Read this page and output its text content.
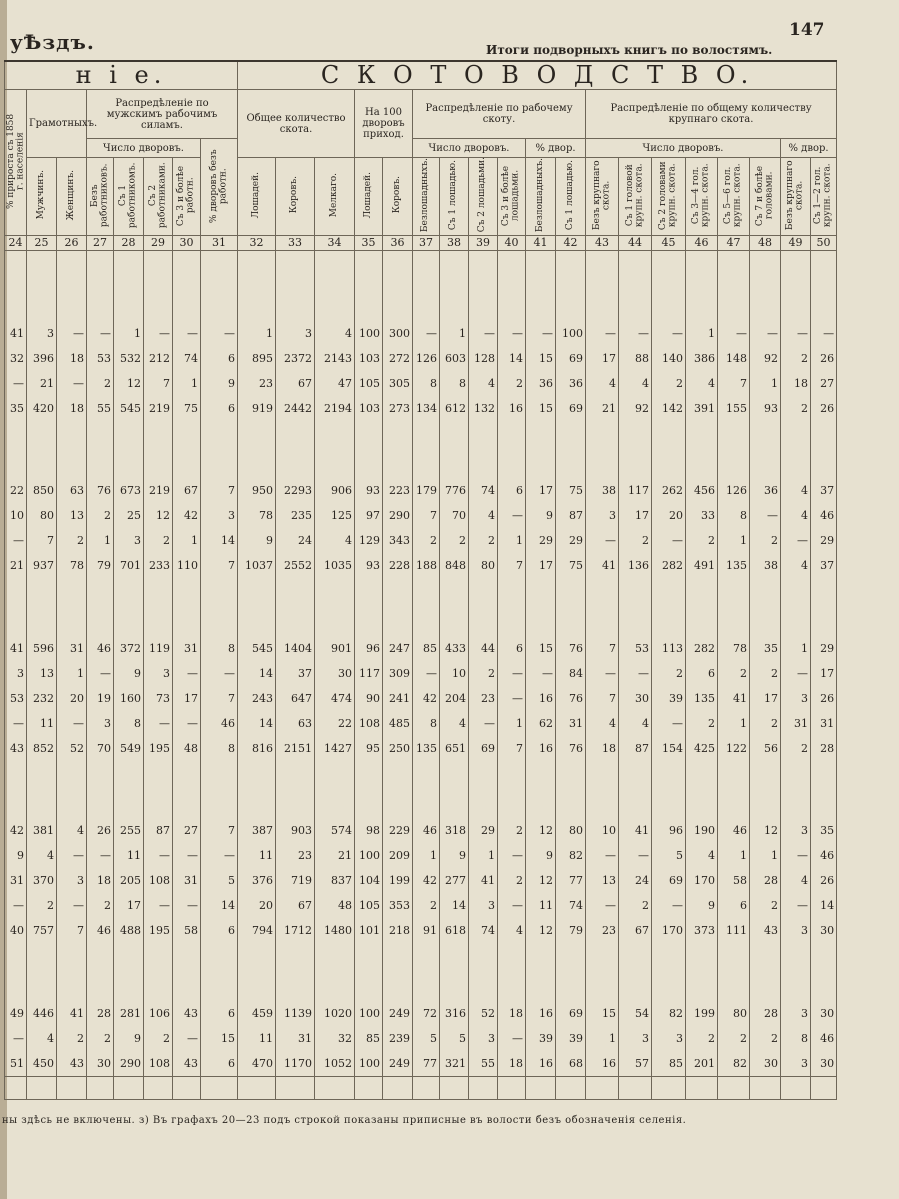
уѢздъ.	Итоги подворныхъ книгъ по волостямъ.
147
н і е.								С К О Т О В О Д С Т В О.																		
% прироста съ 1858 г. населенія	Грамотныхъ.		Распредѣленіе по мужскимъ рабочимъ силамъ.					Общее количество скота.			На 100 дворовъ приход.		Распредѣленіе по рабочему скоту.						Распредѣленіе по общему количеству крупнаго скота.							
			Число дворовъ.				% дворовъ безъ работн.						Число дворовъ.				% двор.		Число дворовъ.						% двор.	
	Мужчинъ.	Женщинъ.	Безъ работниковъ.	Съ 1 работникомъ.	Съ 2 работниками.	Съ 3 и болѣе работн.		Лошадей.	Коровъ.	Мелкаго.	Лошадей.	Коровъ.	Безлошадныхъ.	Съ 1 лошадью.	Съ 2 лошадьми.	Съ 3 и болѣе лошадьми.	Безлошадныхъ.	Съ 1 лошадью.	Безъ крупнаго скота.	Съ 1 головой крупн. скота.	Съ 2 головами крупн. скота.	Съ 3—4 гол. крупн. скота.	Съ 5—6 гол. крупн. скота.	Съ 7 и болѣе головами.	Безъ крупнаго скота.	Съ 1—2 гол. крупн. скота.
24	25	26	27	28	29	30	31	32	33	34	35	36	37	38	39	40	41	42	43	44	45	46	47	48	49	50

41	3	—	—	1	—	—	—	1	3	4	100	300	—	1	—	—	—	100	—	—	—	1	—	—	—	—
32	396	18	53	532	212	74	6	895	2372	2143	103	272	126	603	128	14	15	69	17	88	140	386	148	92	2	26
—	21	—	2	12	7	1	9	23	67	47	105	305	8	8	4	2	36	36	4	4	2	4	7	1	18	27
35	420	18	55	545	219	75	6	919	2442	2194	103	273	134	612	132	16	15	69	21	92	142	391	155	93	2	26

22	850	63	76	673	219	67	7	950	2293	906	93	223	179	776	74	6	17	75	38	117	262	456	126	36	4	37
10	80	13	2	25	12	42	3	78	235	125	97	290	7	70	4	—	9	87	3	17	20	33	8	—	4	46
—	7	2	1	3	2	1	14	9	24	4	129	343	2	2	2	1	29	29	—	2	—	2	1	2	—	29
21	937	78	79	701	233	110	7	1037	2552	1035	93	228	188	848	80	7	17	75	41	136	282	491	135	38	4	37

41	596	31	46	372	119	31	8	545	1404	901	96	247	85	433	44	6	15	76	7	53	113	282	78	35	1	29
3	13	1	—	9	3	—	—	14	37	30	117	309	—	10	2	—	—	84	—	—	2	6	2	2	—	17
53	232	20	19	160	73	17	7	243	647	474	90	241	42	204	23	—	16	76	7	30	39	135	41	17	3	26
—	11	—	3	8	—	—	46	14	63	22	108	485	8	4	—	1	62	31	4	4	—	2	1	2	31	31
43	852	52	70	549	195	48	8	816	2151	1427	95	250	135	651	69	7	16	76	18	87	154	425	122	56	2	28

42	381	4	26	255	87	27	7	387	903	574	98	229	46	318	29	2	12	80	10	41	96	190	46	12	3	35
9	4	—	—	11	—	—	—	11	23	21	100	209	1	9	1	—	9	82	—	—	5	4	1	1	—	46
31	370	3	18	205	108	31	5	376	719	837	104	199	42	277	41	2	12	77	13	24	69	170	58	28	4	26
—	2	—	2	17	—	—	14	20	67	48	105	353	2	14	3	—	11	74	—	2	—	9	6	2	—	14
40	757	7	46	488	195	58	6	794	1712	1480	101	218	91	618	74	4	12	79	23	67	170	373	111	43	3	30

49	446	41	28	281	106	43	6	459	1139	1020	100	249	72	316	52	18	16	69	15	54	82	199	80	28	3	30
—	4	2	2	9	2	—	15	11	31	32	85	239	5	5	3	—	39	39	1	3	3	2	2	2	8	46
51	450	43	30	290	108	43	6	470	1170	1052	100	249	77	321	55	18	16	68	16	57	85	201	82	30	3	30

ны здѣсь не включены. з) Въ графахъ 20—23 подъ строкой показаны приписные въ волости безъ обозначенія селенія.
